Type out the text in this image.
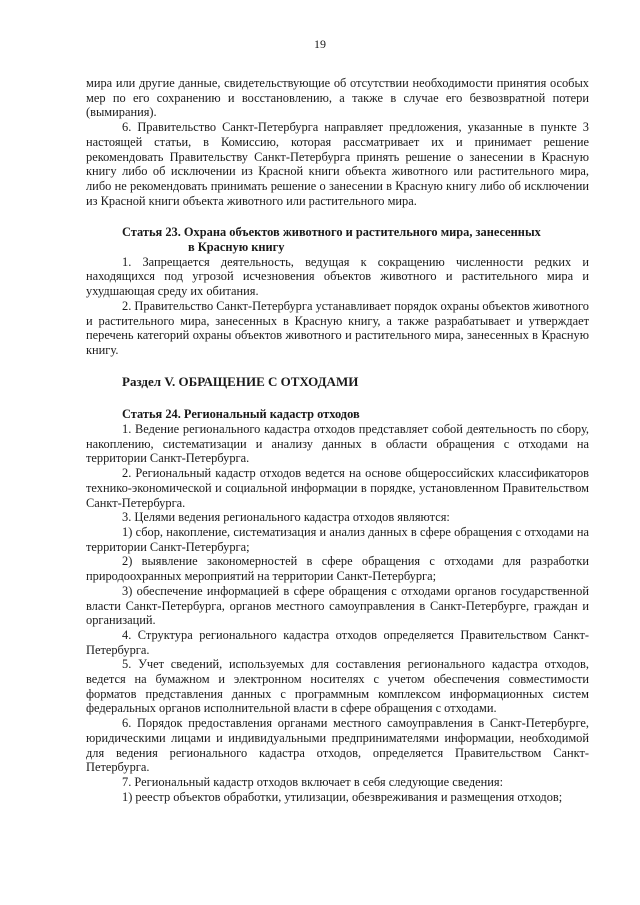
19

мира или другие данные, свидетельствующие об отсутствии необходимости принятия особых мер по его сохранению и восстановлению, а также в случае его безвозвратной потери (вымирания).

6. Правительство Санкт-Петербурга направляет предложения, указанные в пункте 3 настоящей статьи, в Комиссию, которая рассматривает их и принимает решение рекомендовать Правительству Санкт-Петербурга принять решение о занесении в Красную книгу либо об исключении из Красной книги объекта животного или растительного мира, либо не рекомендовать принимать решение о занесении в Красную книгу либо об исключении из Красной книги объекта животного или растительного мира.

Статья 23. Охрана объектов животного и растительного мира, занесенных
в Красную книгу

1. Запрещается деятельность, ведущая к сокращению численности редких и находящихся под угрозой исчезновения объектов животного и растительного мира и ухудшающая среду их обитания.

2. Правительство Санкт-Петербурга устанавливает порядок охраны объектов животного и растительного мира, занесенных в Красную книгу, а также разрабатывает и утверждает перечень категорий охраны объектов животного и растительного мира, занесенных в Красную книгу.

Раздел V. ОБРАЩЕНИЕ С ОТХОДАМИ
Статья 24. Региональный кадастр отходов

1. Ведение регионального кадастра отходов представляет собой деятельность по сбору, накоплению, систематизации и анализу данных в области обращения с отходами на территории Санкт-Петербурга.

2. Региональный кадастр отходов ведется на основе общероссийских классификаторов технико-экономической и социальной информации в порядке, установленном Правительством Санкт-Петербурга.

3. Целями ведения регионального кадастра отходов являются:

1) сбор, накопление, систематизация и анализ данных в сфере обращения с отходами на территории Санкт-Петербурга;

2) выявление закономерностей в сфере обращения с отходами для разработки природоохранных мероприятий на территории Санкт-Петербурга;

3) обеспечение информацией в сфере обращения с отходами органов государственной власти Санкт-Петербурга, органов местного самоуправления в Санкт-Петербурге, граждан и организаций.

4. Структура регионального кадастра отходов определяется Правительством Санкт-Петербурга.

5. Учет сведений, используемых для составления регионального кадастра отходов, ведется на бумажном и электронном носителях с учетом обеспечения совместимости форматов представления данных с программным комплексом информационных систем федеральных органов исполнительной власти в сфере обращения с отходами.

6. Порядок предоставления органами местного самоуправления в Санкт-Петербурге, юридическими лицами и индивидуальными предпринимателями информации, необходимой для ведения регионального кадастра отходов, определяется Правительством Санкт-Петербурга.

7. Региональный кадастр отходов включает в себя следующие сведения:

1) реестр объектов обработки, утилизации, обезвреживания и размещения отходов;
